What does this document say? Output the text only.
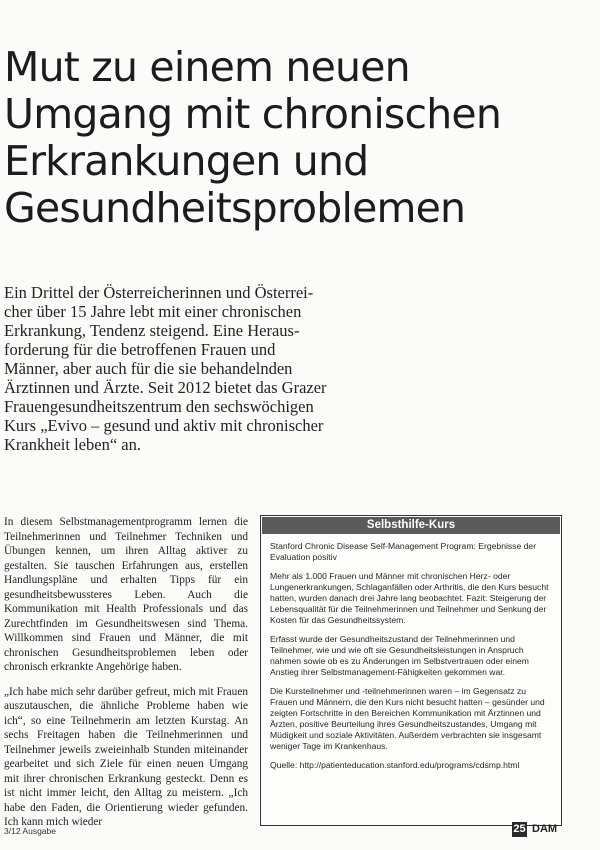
Mut zu einem neuen
Umgang mit chronischen
Erkrankungen und
Gesundheitsproblemen
Ein Drittel der Österreicherinnen und Österrei-
cher über 15 Jahre lebt mit einer chronischen
Erkrankung, Tendenz steigend. Eine Heraus-
forderung für die betroffenen Frauen und
Männer, aber auch für die sie behandelnden
Ärztinnen und Ärzte. Seit 2012 bietet das Grazer
Frauengesundheitszentrum den sechswöchigen
Kurs „Evivo – gesund und aktiv mit chronischer
Krankheit leben“ an.

In diesem Selbstmanagementprogramm lernen die Teilnehmerinnen und Teilnehmer Techniken und Übungen kennen, um ihren Alltag aktiver zu gestalten. Sie tauschen Erfahrungen aus, erstellen Handlungspläne und erhalten Tipps für ein gesundheitsbewussteres Leben. Auch die Kommunikation mit Health Professionals und das Zurechtfinden im Gesundheitswesen sind Thema. Willkommen sind Frauen und Männer, die mit chronischen Gesundheitsproblemen leben oder chronisch erkrankte Angehörige haben.

„Ich habe mich sehr darüber gefreut, mich mit Frauen auszutauschen, die ähnliche Probleme haben wie ich“, so eine Teilnehmerin am letzten Kurstag. An sechs Freitagen haben die Teilnehmerinnen und Teilnehmer jeweils zweieinhalb Stunden miteinander gearbeitet und sich Ziele für einen neuen Umgang mit ihrer chronischen Erkrankung gesteckt. Denn es ist nicht immer leicht, den Alltag zu meistern. „Ich habe den Faden, die Orientierung wieder gefunden. Ich kann mich wieder

Selbsthilfe-Kurs

Stanford Chronic Disease Self-Management Program: Ergebnisse der Evaluation positiv

Mehr als 1.000 Frauen und Männer mit chronischen Herz- oder Lungenerkrankungen, Schlaganfällen oder Arthritis, die den Kurs besucht hatten, wurden danach drei Jahre lang beobachtet. Fazit: Steigerung der Lebensqualität für die Teilnehmerinnen und Teilnehmer und Senkung der Kosten für das Gesundheitssystem.

Erfasst wurde der Gesundheitszustand der Teilnehmerinnen und Teilnehmer, wie und wie oft sie Gesundheitsleistungen in Anspruch nahmen sowie ob es zu Änderungen im Selbstvertrauen oder einem Anstieg ihrer Selbstmanagement-Fähigkeiten gekommen war.

Die Kursteilnehmer und -teilnehmerinnen waren – im Gegensatz zu Frauen und Männern, die den Kurs nicht besucht hatten – gesünder und zeigten Fortschritte in den Bereichen Kommunikation mit Ärztinnen und Ärzten, positive Beurteilung ihres Gesundheitszustandes, Umgang mit Müdigkeit und soziale Aktivitäten. Außerdem verbrachten sie insgesamt weniger Tage im Krankenhaus.

Quelle: http://patienteducation.stanford.edu/programs/cdsmp.html

3/12 Ausgabe	25 DAM
